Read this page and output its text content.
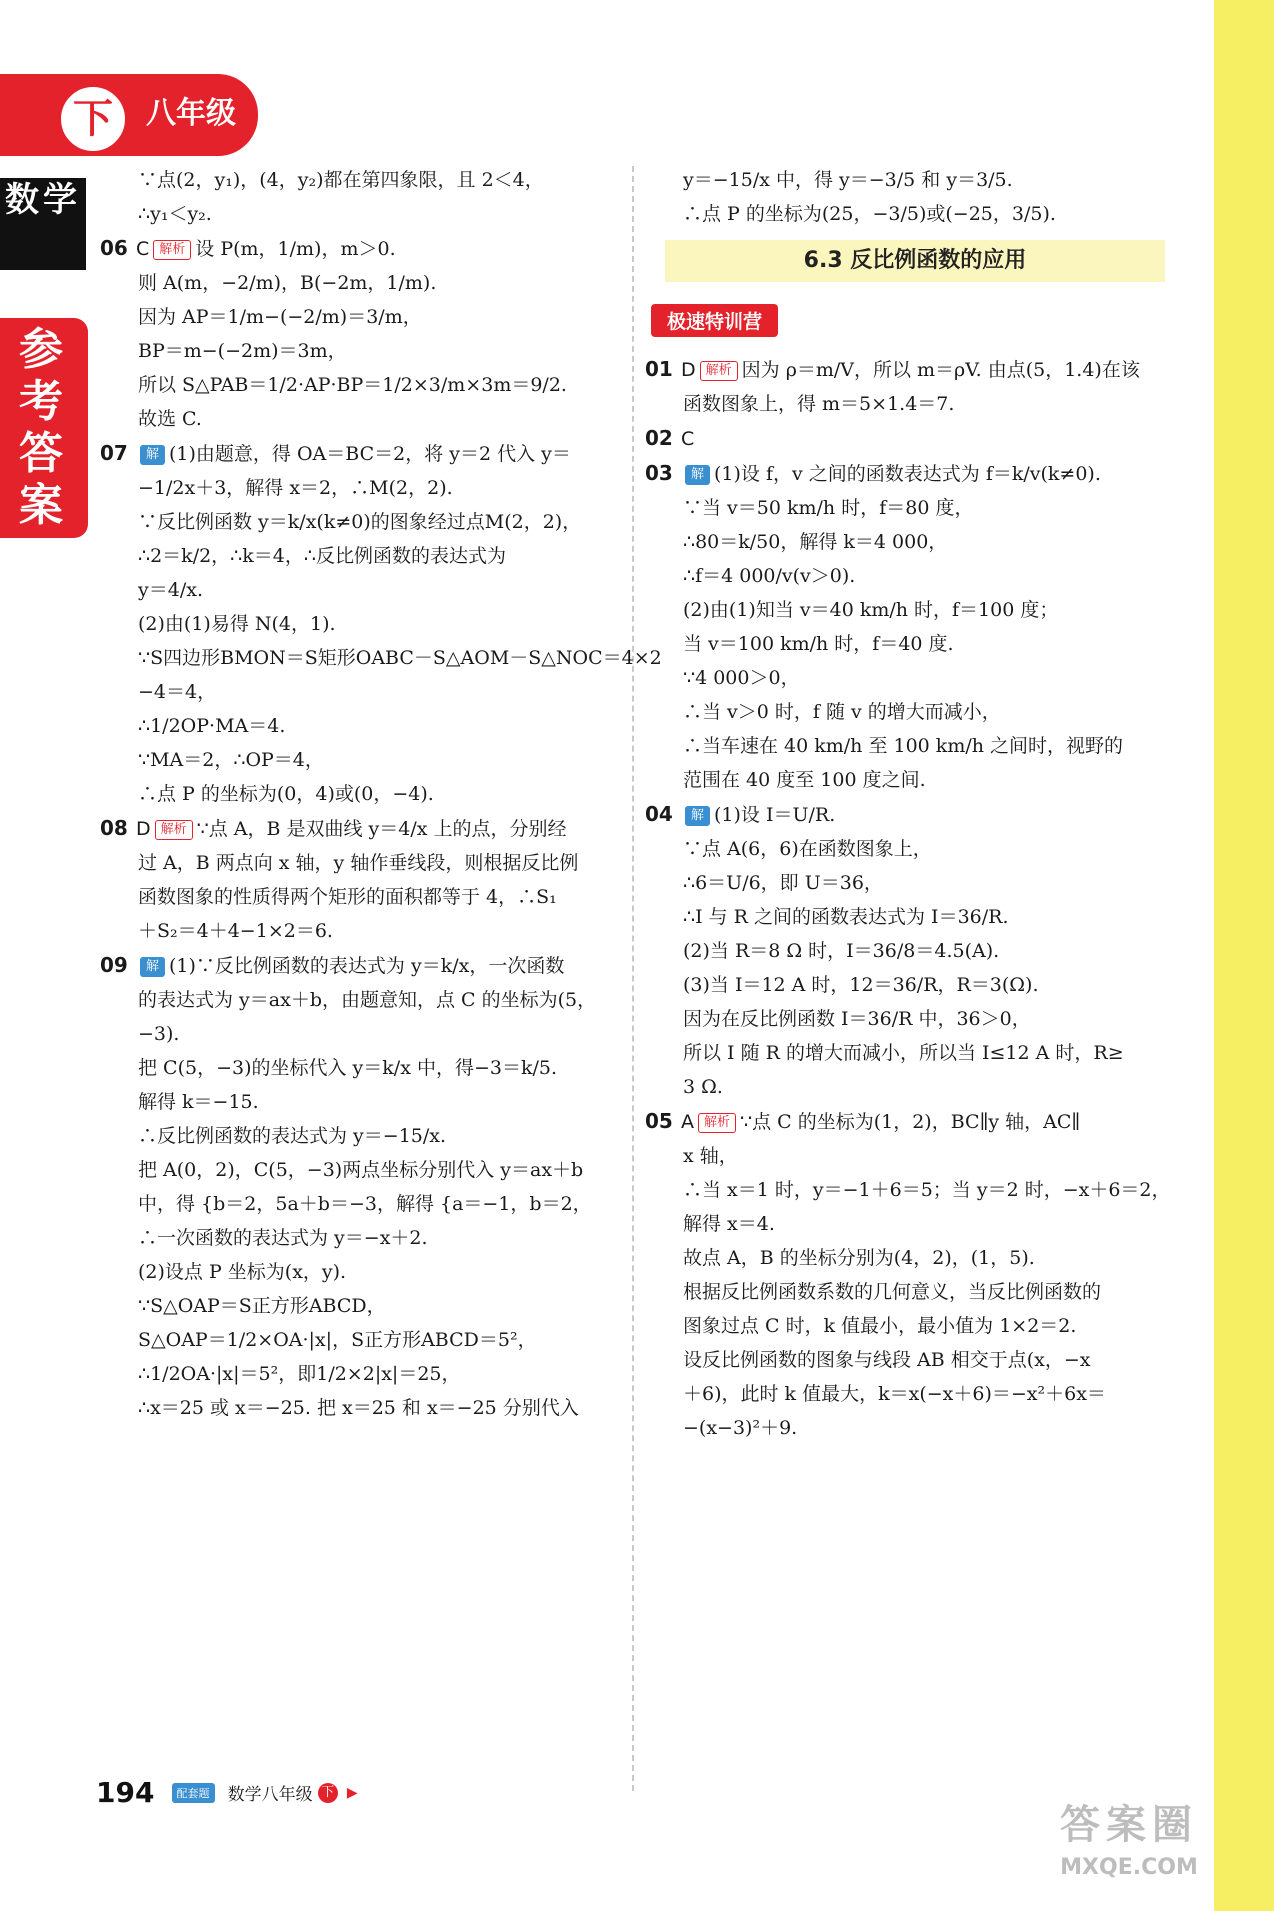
下	八年级
数学
参考答案
∵点(2，y₁)，(4，y₂)都在第四象限，且 2＜4，
∴y₁＜y₂.
06 C 解析 设 P(m，1/m)，m＞0.
则 A(m，−2/m)，B(−2m，1/m).
因为 AP＝1/m−(−2/m)＝3/m，
BP＝m−(−2m)＝3m，
所以 S△PAB＝1/2·AP·BP＝1/2×3/m×3m＝9/2.
故选 C.
07 解 (1)由题意，得 OA＝BC＝2，将 y＝2 代入 y＝
−1/2x＋3，解得 x＝2，∴M(2，2).
∵反比例函数 y＝k/x(k≠0)的图象经过点M(2，2)，
∴2＝k/2，∴k＝4，∴反比例函数的表达式为
y＝4/x.
(2)由(1)易得 N(4，1).
∵S四边形BMON＝S矩形OABC－S△AOM－S△NOC＝4×2
−4＝4，
∴1/2OP·MA＝4.
∵MA＝2，∴OP＝4，
∴点 P 的坐标为(0，4)或(0，−4).
08 D 解析 ∵点 A，B 是双曲线 y＝4/x 上的点，分别经
过 A，B 两点向 x 轴，y 轴作垂线段，则根据反比例
函数图象的性质得两个矩形的面积都等于 4，∴S₁
＋S₂＝4＋4−1×2＝6.
09 解 (1)∵反比例函数的表达式为 y＝k/x，一次函数
的表达式为 y＝ax＋b，由题意知，点 C 的坐标为(5，
−3).
把 C(5，−3)的坐标代入 y＝k/x 中，得−3＝k/5.
解得 k＝−15.
∴反比例函数的表达式为 y＝−15/x.
把 A(0，2)，C(5，−3)两点坐标分别代入 y＝ax＋b
中，得 {b＝2，5a＋b＝−3，解得 {a＝−1，b＝2，
∴一次函数的表达式为 y＝−x＋2.
(2)设点 P 坐标为(x，y).
∵S△OAP＝S正方形ABCD，
S△OAP＝1/2×OA·|x|，S正方形ABCD＝5²，
∴1/2OA·|x|＝5²，即1/2×2|x|＝25，
∴x＝25 或 x＝−25. 把 x＝25 和 x＝−25 分别代入
y＝−15/x 中，得 y＝−3/5 和 y＝3/5.
∴点 P 的坐标为(25，−3/5)或(−25，3/5).
6.3 反比例函数的应用
极速特训营
01 D 解析 因为 ρ＝m/V，所以 m＝ρV. 由点(5，1.4)在该
函数图象上，得 m＝5×1.4＝7.
02 C
03 解 (1)设 f，v 之间的函数表达式为 f＝k/v(k≠0).
∵当 v＝50 km/h 时，f＝80 度，
∴80＝k/50，解得 k＝4 000，
∴f＝4 000/v(v＞0).
(2)由(1)知当 v＝40 km/h 时，f＝100 度；
当 v＝100 km/h 时，f＝40 度.
∵4 000＞0，
∴当 v＞0 时，f 随 v 的增大而减小，
∴当车速在 40 km/h 至 100 km/h 之间时，视野的
范围在 40 度至 100 度之间.
04 解 (1)设 I＝U/R.
∵点 A(6，6)在函数图象上，
∴6＝U/6，即 U＝36，
∴I 与 R 之间的函数表达式为 I＝36/R.
(2)当 R＝8 Ω 时，I＝36/8＝4.5(A).
(3)当 I＝12 A 时，12＝36/R，R＝3(Ω).
因为在反比例函数 I＝36/R 中，36＞0，
所以 I 随 R 的增大而减小，所以当 I≤12 A 时，R≥
3 Ω.
05 A 解析 ∵点 C 的坐标为(1，2)，BC∥y 轴，AC∥
x 轴，
∴当 x＝1 时，y＝−1＋6＝5；当 y＝2 时，−x＋6＝2，
解得 x＝4.
故点 A，B 的坐标分别为(4，2)，(1，5).
根据反比例函数系数的几何意义，当反比例函数的
图象过点 C 时，k 值最小，最小值为 1×2＝2.
设反比例函数的图象与线段 AB 相交于点(x，−x
＋6)，此时 k 值最大，k＝x(−x＋6)＝−x²＋6x＝
−(x−3)²＋9.
194 配套题 数学八年级 下 ▶
答案圈
MXQE.COM
